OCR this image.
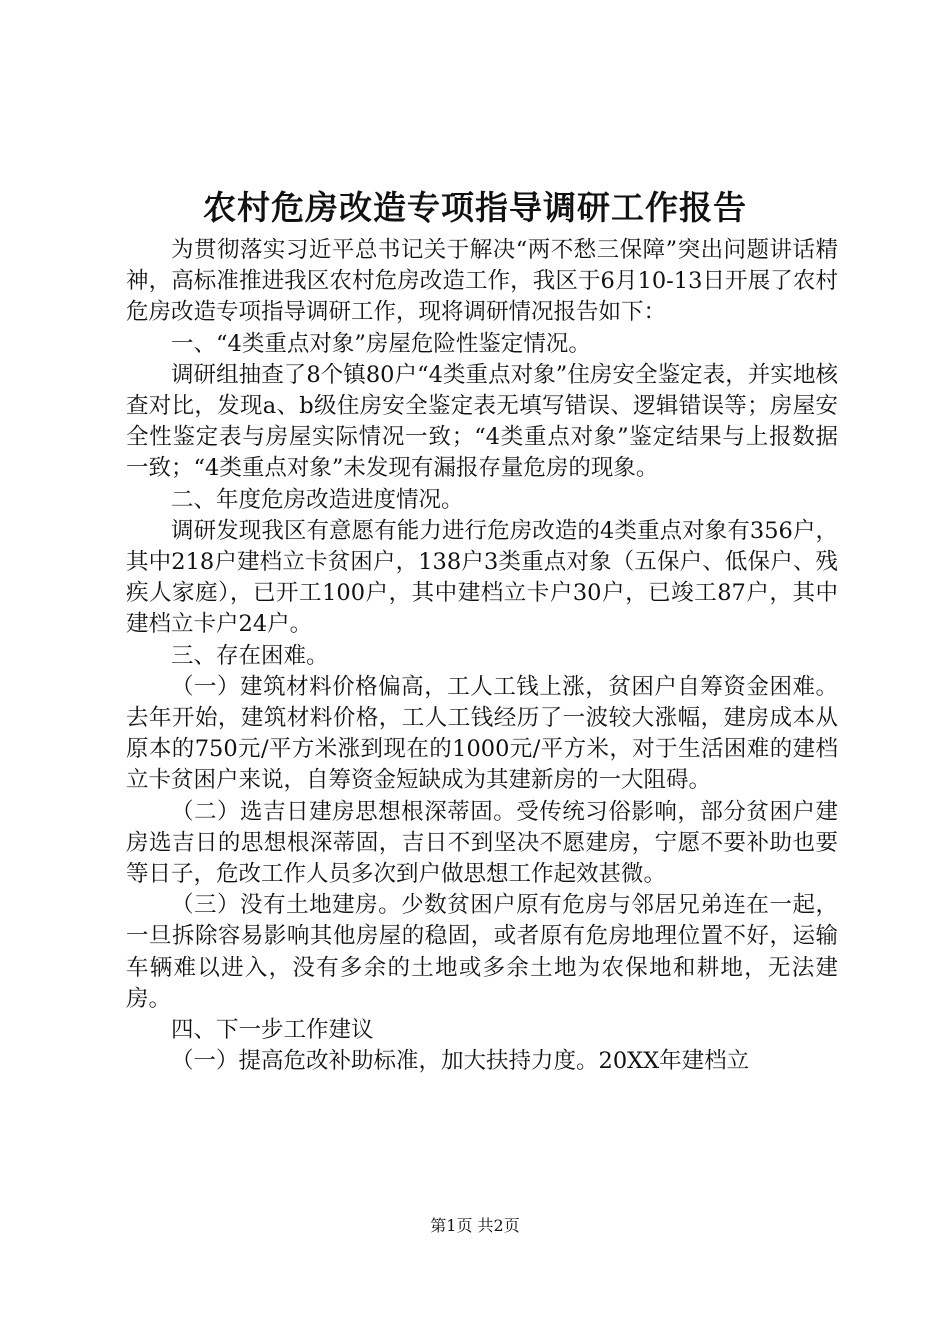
农村危房改造专项指导调研工作报告

为贯彻落实习近平总书记关于解决“两不愁三保障”突出问题讲话精神，高标准推进我区农村危房改造工作，我区于6月10-13日开展了农村危房改造专项指导调研工作，现将调研情况报告如下：

一、“4类重点对象”房屋危险性鉴定情况。

调研组抽查了8个镇80户“4类重点对象”住房安全鉴定表，并实地核查对比，发现a、b级住房安全鉴定表无填写错误、逻辑错误等；房屋安全性鉴定表与房屋实际情况一致；“4类重点对象”鉴定结果与上报数据一致；“4类重点对象”未发现有漏报存量危房的现象。

二、年度危房改造进度情况。

调研发现我区有意愿有能力进行危房改造的4类重点对象有356户，其中218户建档立卡贫困户，138户3类重点对象（五保户、低保户、残疾人家庭），已开工100户，其中建档立卡户30户，已竣工87户，其中建档立卡户24户。

三、存在困难。

（一）建筑材料价格偏高，工人工钱上涨，贫困户自筹资金困难。去年开始，建筑材料价格，工人工钱经历了一波较大涨幅，建房成本从原本的750元/平方米涨到现在的1000元/平方米，对于生活困难的建档立卡贫困户来说，自筹资金短缺成为其建新房的一大阻碍。

（二）选吉日建房思想根深蒂固。受传统习俗影响，部分贫困户建房选吉日的思想根深蒂固，吉日不到坚决不愿建房，宁愿不要补助也要等日子，危改工作人员多次到户做思想工作起效甚微。

（三）没有土地建房。少数贫困户原有危房与邻居兄弟连在一起，一旦拆除容易影响其他房屋的稳固，或者原有危房地理位置不好，运输车辆难以进入，没有多余的土地或多余土地为农保地和耕地，无法建房。

四、下一步工作建议

（一）提高危改补助标准，加大扶持力度。20XX年建档立

第1页 共2页
